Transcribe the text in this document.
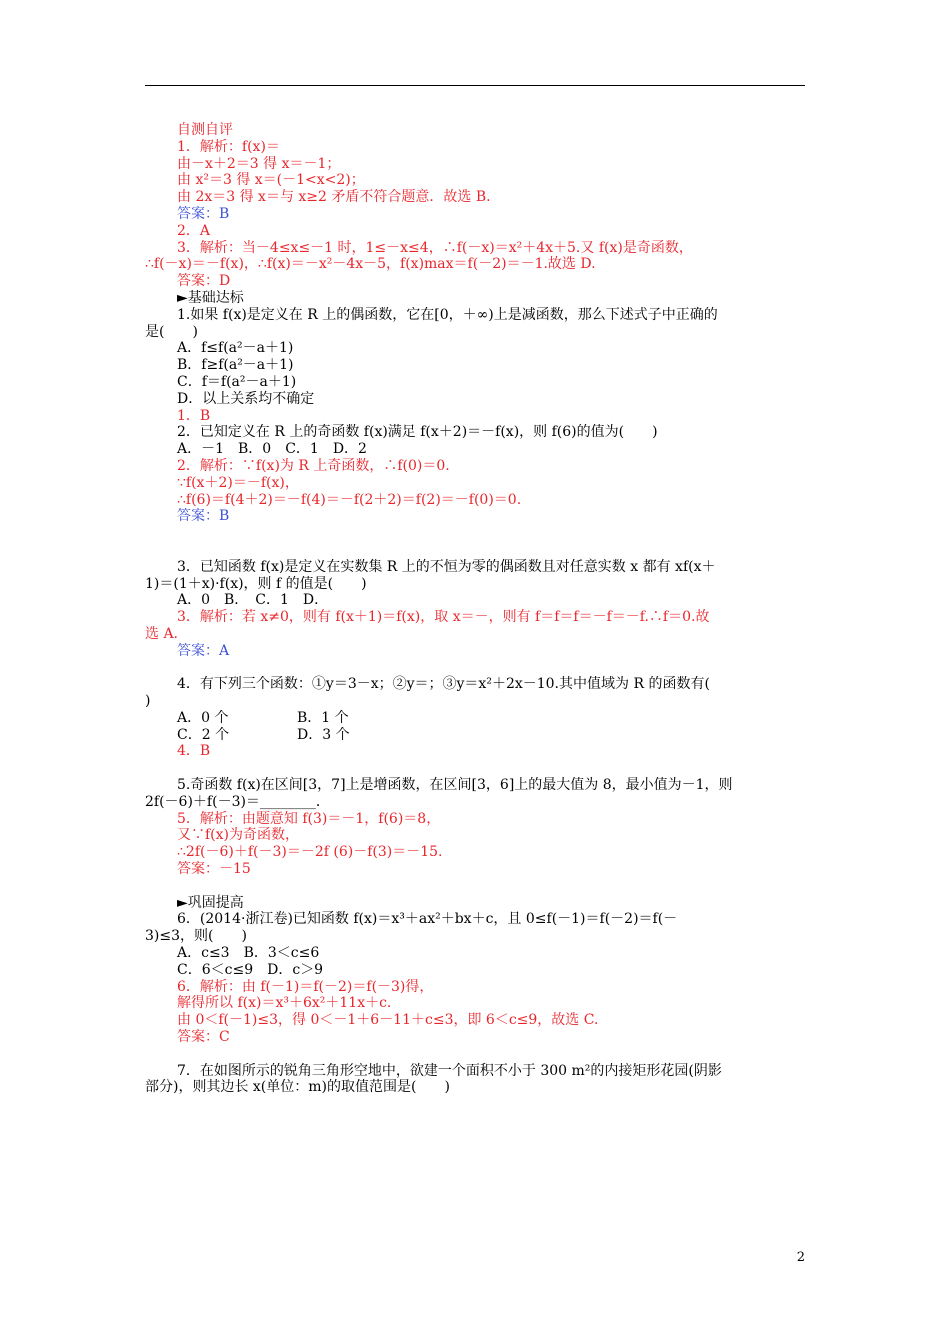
自测自评
1．解析：f(x)＝
由－x＋2＝3 得 x＝－1；
由 x²＝3 得 x＝(－1<x<2)；
由 2x＝3 得 x＝与 x≥2 矛盾不符合题意．故选 B.
答案：B
2．A
3．解析：当－4≤x≤－1 时，1≤－x≤4，∴f(－x)＝x²＋4x＋5.又 f(x)是奇函数，
∴f(－x)＝－f(x)，∴f(x)＝－x²－4x－5，f(x)max＝f(－2)＝－1.故选 D.
答案：D
►基础达标
1.如果 f(x)是定义在 R 上的偶函数，它在[0，＋∞)上是减函数，那么下述式子中正确的
是(　　)
A．f≤f(a²－a＋1)
B．f≥f(a²－a＋1)
C．f＝f(a²－a＋1)
D．以上关系均不确定
1．B
2．已知定义在 R 上的奇函数 f(x)满足 f(x＋2)＝－f(x)，则 f(6)的值为(　　)
A．－1　B．0　C．1　D．2
2．解析：∵f(x)为 R 上奇函数，∴f(0)＝0.
∵f(x＋2)＝－f(x)，
∴f(6)＝f(4＋2)＝－f(4)＝－f(2＋2)＝f(2)＝－f(0)＝0.
答案：B
3．已知函数 f(x)是定义在实数集 R 上的不恒为零的偶函数且对任意实数 x 都有 xf(x＋
1)＝(1＋x)·f(x)，则 f 的值是(　　)
A．0　B．　C．1　D．
3．解析：若 x≠0，则有 f(x＋1)＝f(x)，取 x＝－，则有 f＝f＝f＝－f＝－f.∴f＝0.故
选 A.
答案：A
4．有下列三个函数：①y＝3－x；②y＝；③y＝x²＋2x－10.其中值域为 R 的函数有(
)
A．0 个	B．1 个
C．2 个	D．3 个
4．B
5.奇函数 f(x)在区间[3，7]上是增函数，在区间[3，6]上的最大值为 8，最小值为－1，则
2f(－6)＋f(－3)＝________．
5．解析：由题意知 f(3)＝－1，f(6)＝8，
又∵f(x)为奇函数，
∴2f(－6)＋f(－3)＝－2f (6)－f(3)＝－15.
答案：－15
►巩固提高
6．(2014·浙江卷)已知函数 f(x)＝x³＋ax²＋bx＋c，且 0≤f(－1)＝f(－2)＝f(－
3)≤3，则(　　)
A．c≤3　B．3＜c≤6
C．6＜c≤9　D．c＞9
6．解析：由 f(－1)＝f(－2)＝f(－3)得，
解得所以 f(x)＝x³＋6x²＋11x＋c.
由 0＜f(－1)≤3，得 0＜－1＋6－11＋c≤3，即 6＜c≤9，故选 C.
答案：C
7．在如图所示的锐角三角形空地中，欲建一个面积不小于 300 m²的内接矩形花园(阴影
部分)，则其边长 x(单位：m)的取值范围是(　　)
2
